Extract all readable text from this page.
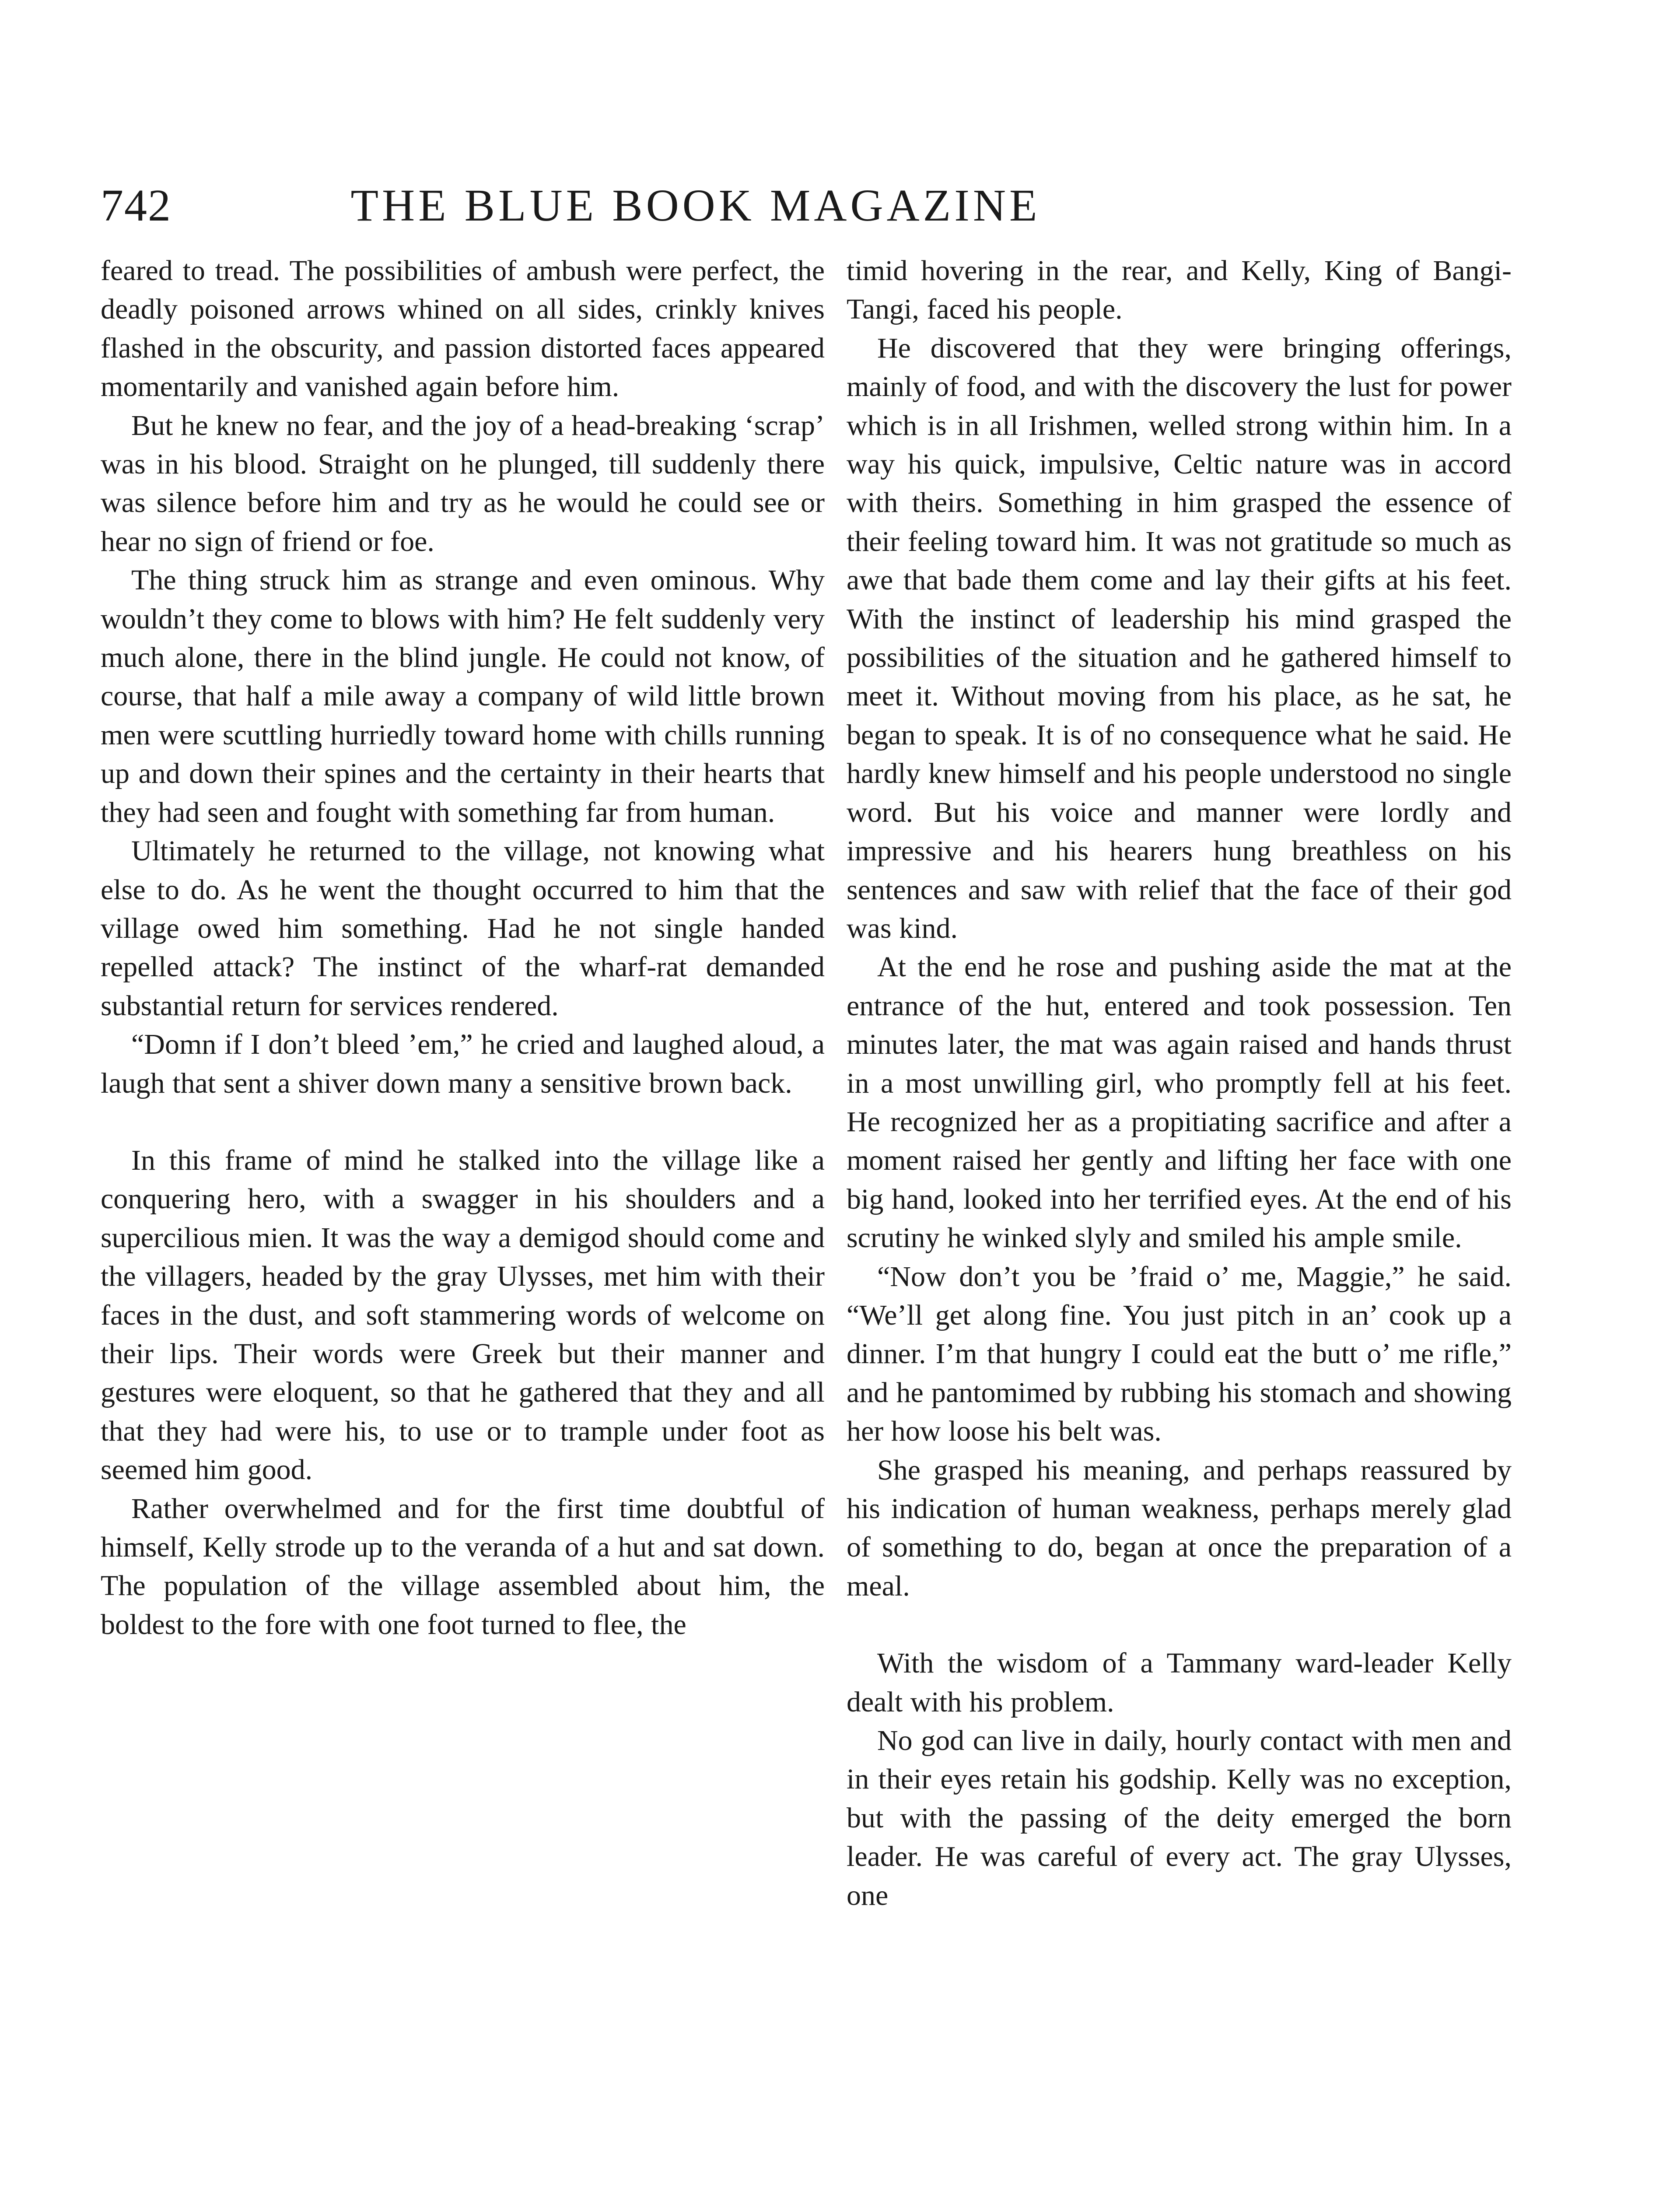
742	THE BLUE BOOK MAGAZINE

feared to tread. The possibilities of ambush were perfect, the deadly poisoned arrows whined on all sides, crinkly knives flashed in the obscurity, and passion distorted faces appeared momentarily and vanished again before him.

But he knew no fear, and the joy of a head-breaking ‘scrap’ was in his blood. Straight on he plunged, till suddenly there was silence before him and try as he would he could see or hear no sign of friend or foe.

The thing struck him as strange and even ominous. Why wouldn’t they come to blows with him? He felt suddenly very much alone, there in the blind jungle. He could not know, of course, that half a mile away a company of wild little brown men were scuttling hurriedly toward home with chills running up and down their spines and the certainty in their hearts that they had seen and fought with something far from human.

Ultimately he returned to the village, not knowing what else to do. As he went the thought occurred to him that the village owed him something. Had he not single handed repelled attack? The instinct of the wharf-rat demanded substantial return for services rendered.

“Domn if I don’t bleed ’em,” he cried and laughed aloud, a laugh that sent a shiver down many a sensitive brown back.

In this frame of mind he stalked into the village like a conquering hero, with a swagger in his shoulders and a supercilious mien. It was the way a demigod should come and the villagers, headed by the gray Ulysses, met him with their faces in the dust, and soft stammering words of welcome on their lips. Their words were Greek but their manner and gestures were eloquent, so that he gathered that they and all that they had were his, to use or to trample under foot as seemed him good.

Rather overwhelmed and for the first time doubtful of himself, Kelly strode up to the veranda of a hut and sat down. The population of the village assembled about him, the boldest to the fore with one foot turned to flee, the

timid hovering in the rear, and Kelly, King of Bangi-Tangi, faced his people.

He discovered that they were bringing offerings, mainly of food, and with the discovery the lust for power which is in all Irishmen, welled strong within him. In a way his quick, impulsive, Celtic nature was in accord with theirs. Something in him grasped the essence of their feeling toward him. It was not gratitude so much as awe that bade them come and lay their gifts at his feet. With the instinct of leadership his mind grasped the possibilities of the situation and he gathered himself to meet it. Without moving from his place, as he sat, he began to speak. It is of no consequence what he said. He hardly knew himself and his people understood no single word. But his voice and manner were lordly and impressive and his hearers hung breathless on his sentences and saw with relief that the face of their god was kind.

At the end he rose and pushing aside the mat at the entrance of the hut, entered and took possession. Ten minutes later, the mat was again raised and hands thrust in a most unwilling girl, who promptly fell at his feet. He recognized her as a propitiating sacrifice and after a moment raised her gently and lifting her face with one big hand, looked into her terrified eyes. At the end of his scrutiny he winked slyly and smiled his ample smile.

“Now don’t you be ’fraid o’ me, Maggie,” he said. “We’ll get along fine. You just pitch in an’ cook up a dinner. I’m that hungry I could eat the butt o’ me rifle,” and he pantomimed by rubbing his stomach and showing her how loose his belt was.

She grasped his meaning, and perhaps reassured by his indication of human weakness, perhaps merely glad of something to do, began at once the preparation of a meal.

With the wisdom of a Tammany ward-leader Kelly dealt with his problem.

No god can live in daily, hourly contact with men and in their eyes retain his godship. Kelly was no exception, but with the passing of the deity emerged the born leader. He was careful of every act. The gray Ulysses, one
